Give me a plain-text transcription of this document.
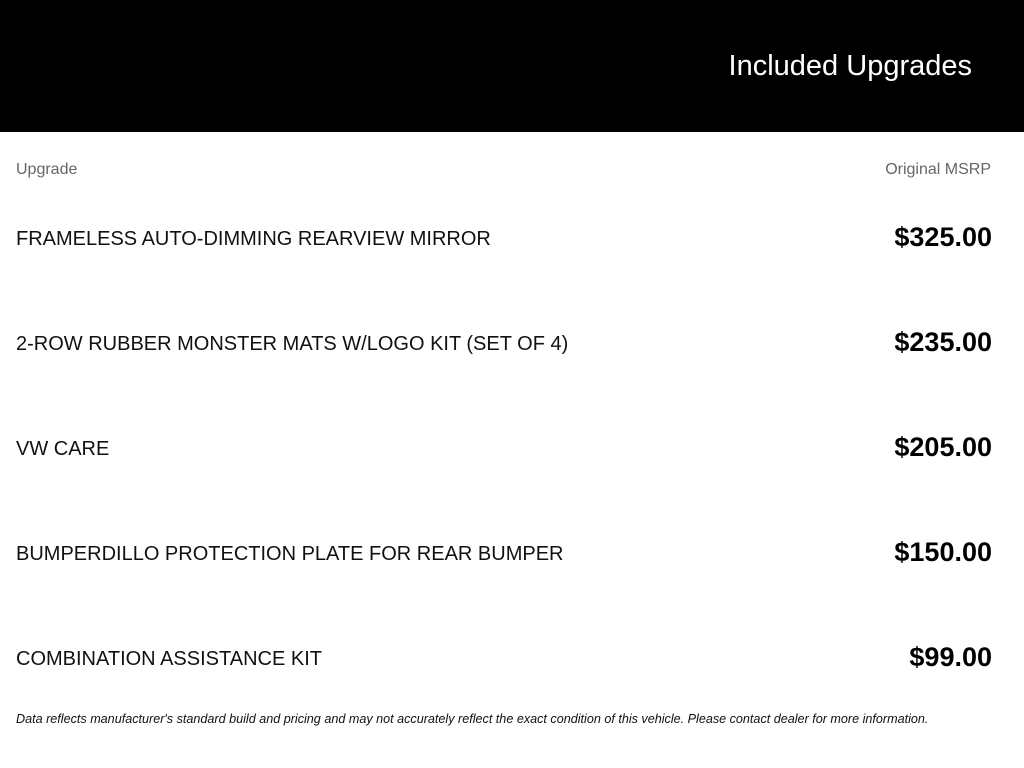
Included Upgrades
Upgrade	Original MSRP
FRAMELESS AUTO-DIMMING REARVIEW MIRROR	$325.00
2-ROW RUBBER MONSTER MATS W/LOGO KIT (SET OF 4)	$235.00
VW CARE	$205.00
BUMPERDILLO PROTECTION PLATE FOR REAR BUMPER	$150.00
COMBINATION ASSISTANCE KIT	$99.00
Data reflects manufacturer's standard build and pricing and may not accurately reflect the exact condition of this vehicle. Please contact dealer for more information.
